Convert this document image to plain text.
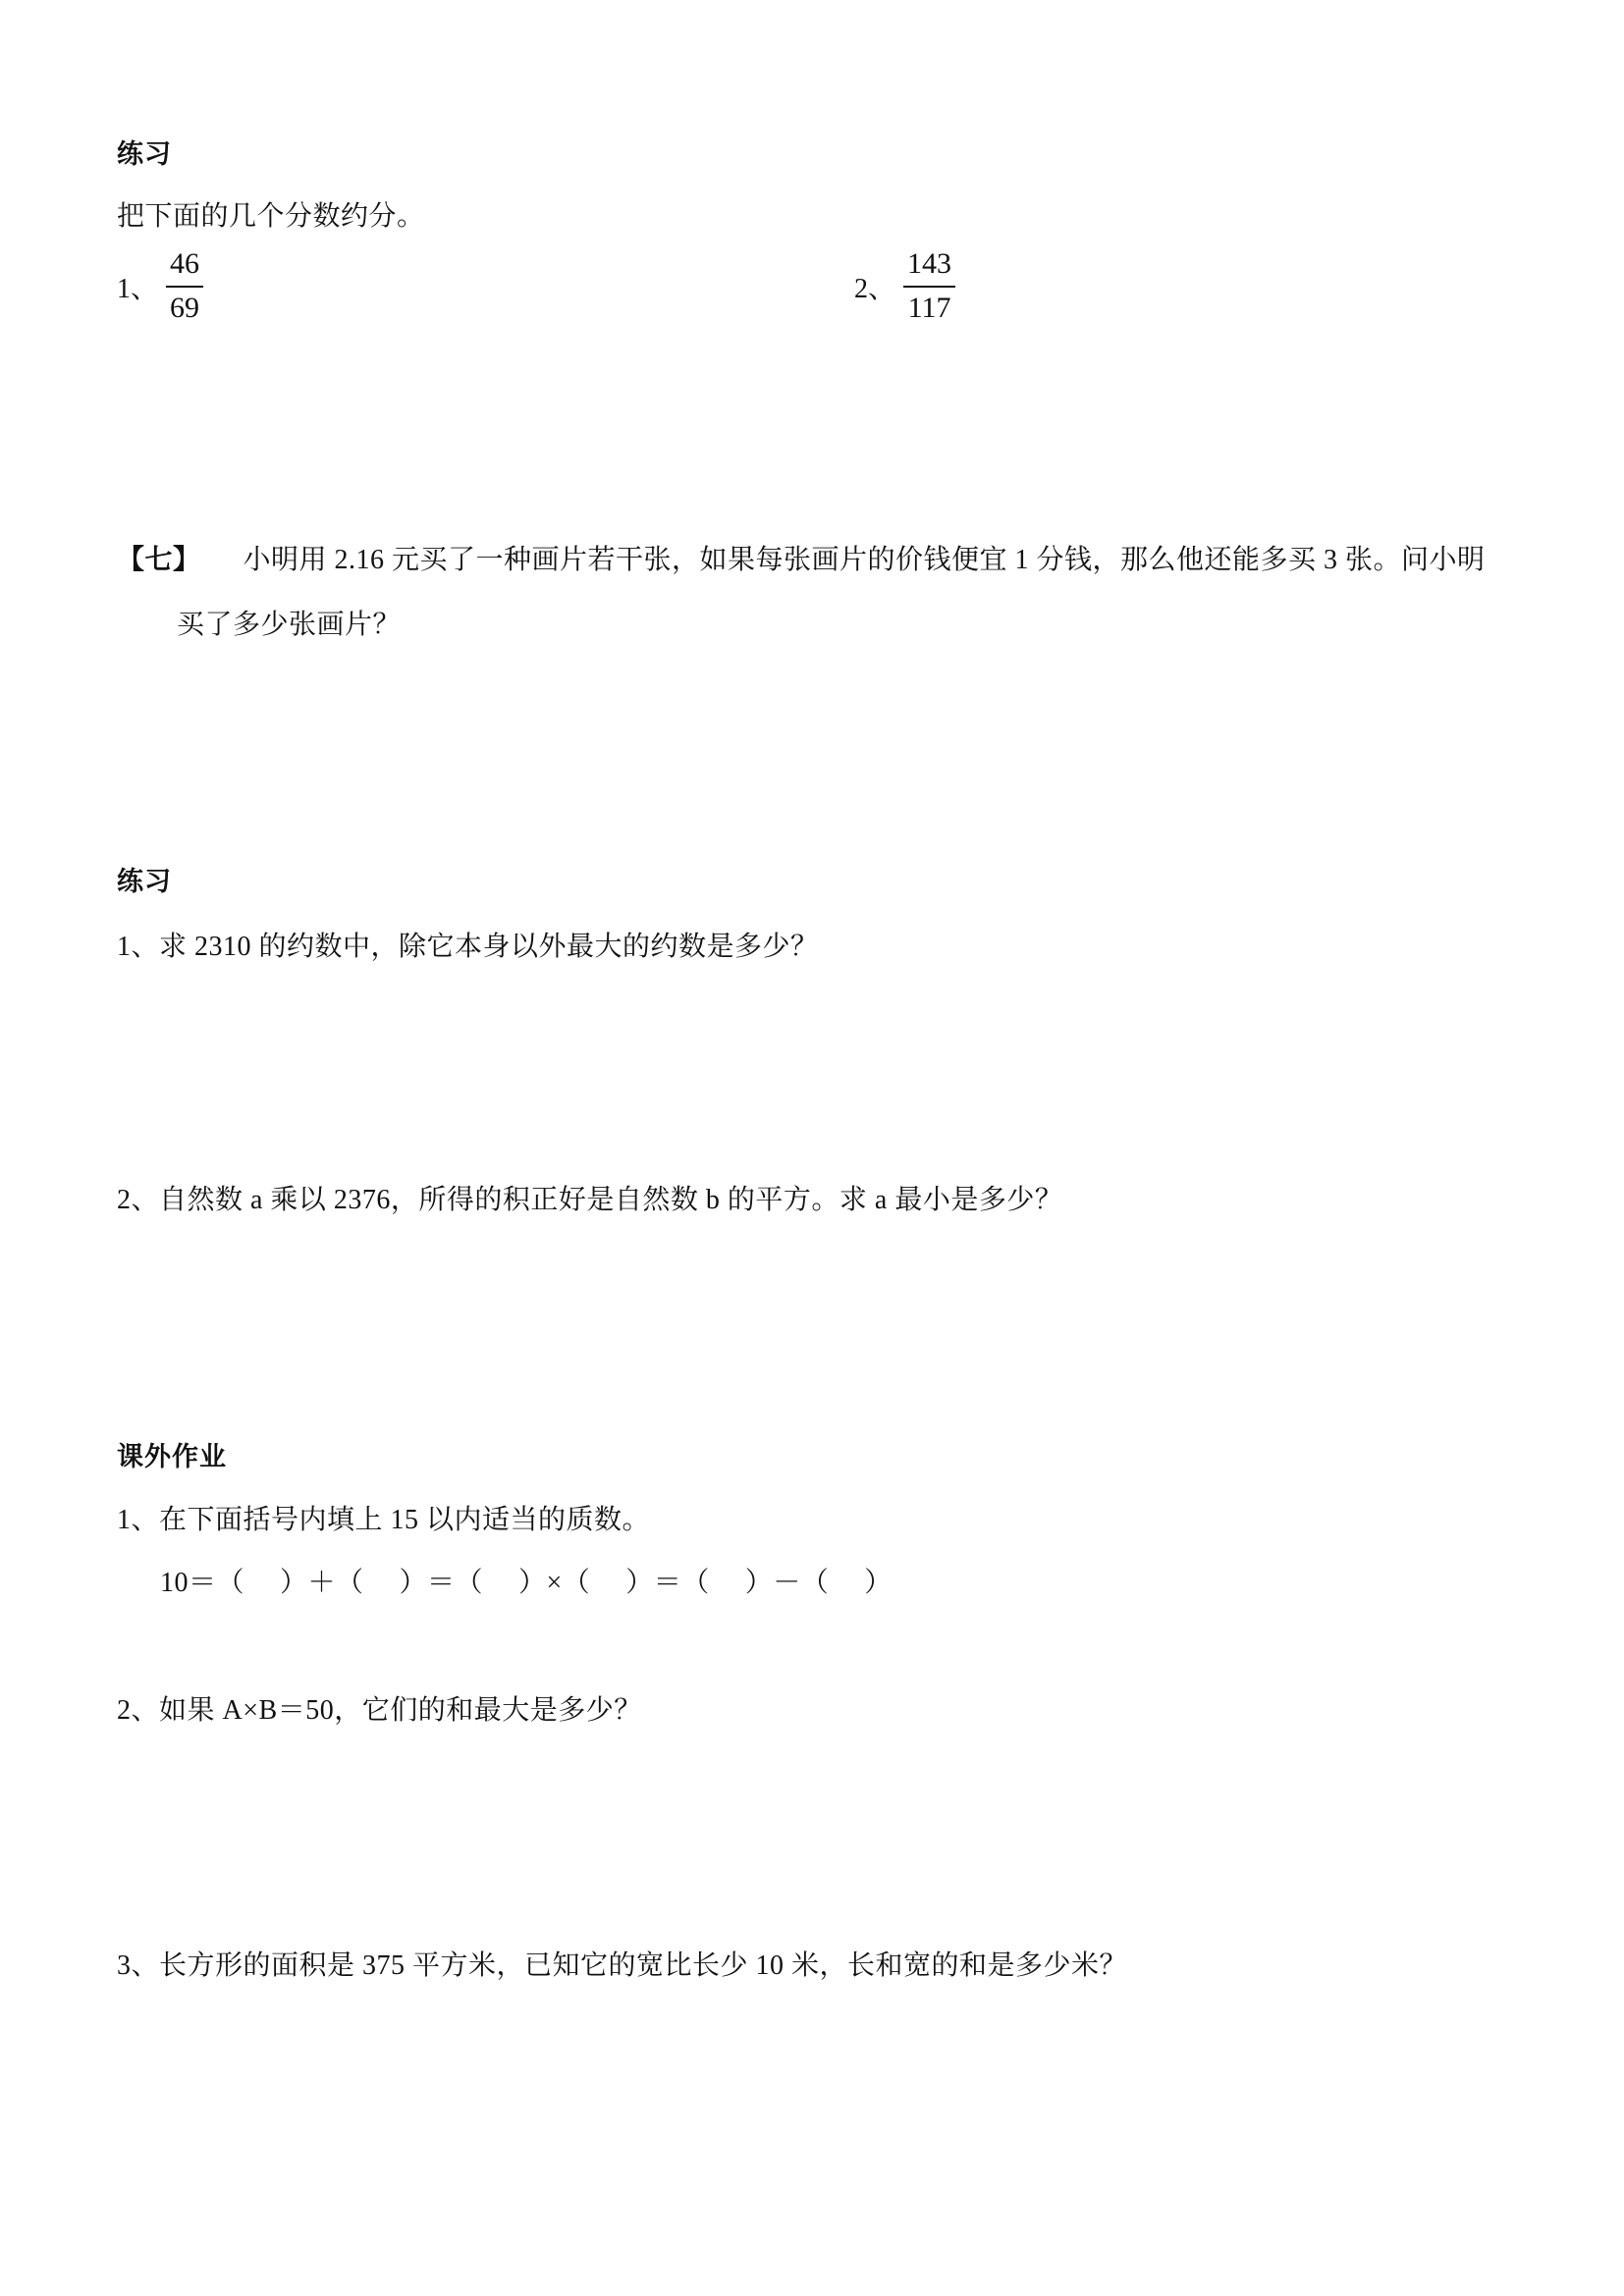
练习
把下面的几个分数约分。
1、 $\frac{46}{69}$	2、 $\frac{143}{117}$
【七】 小明用 2.16 元买了一种画片若干张，如果每张画片的价钱便宜 1 分钱，那么他还能多买 3 张。问小明
买了多少张画片？
练习
1、求 2310 的约数中，除它本身以外最大的约数是多少？
2、自然数 a 乘以 2376，所得的积正好是自然数 b 的平方。求 a 最小是多少？
课外作业
1、在下面括号内填上 15 以内适当的质数。
10＝（　 ）＋（　 ）＝（　 ）×（　 ）＝（　 ）－（　 ）
2、如果 A×B＝50，它们的和最大是多少？
3、长方形的面积是 375 平方米，已知它的宽比长少 10 米，长和宽的和是多少米？
